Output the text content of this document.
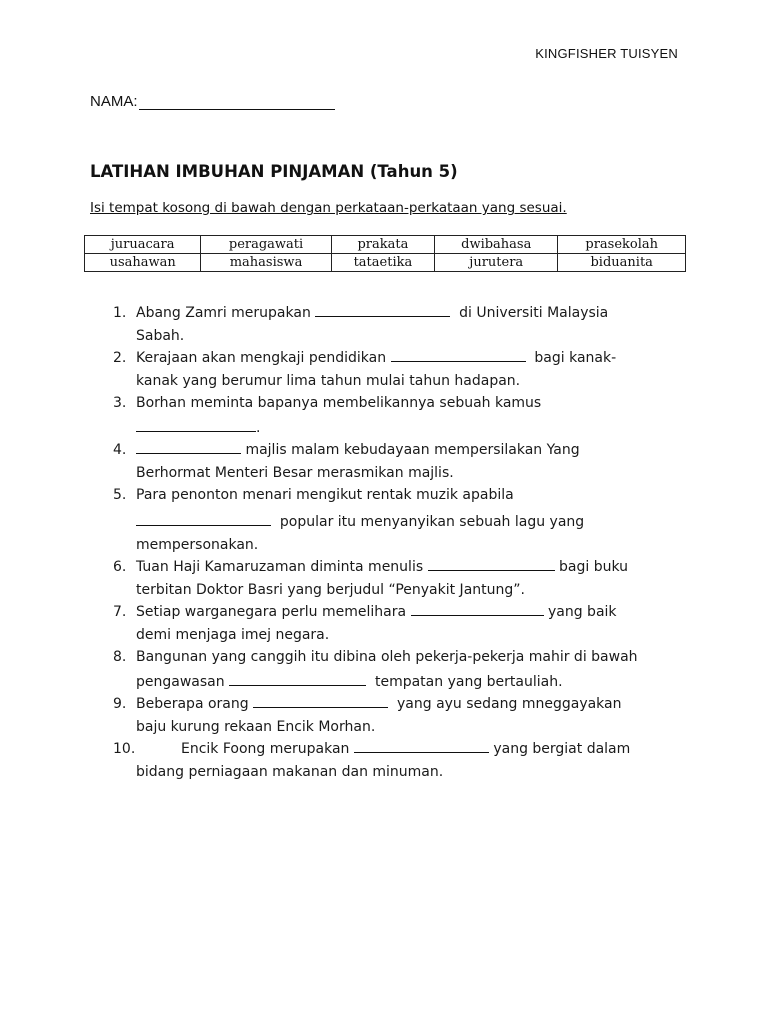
KINGFISHER TUISYEN
NAMA:
LATIHAN IMBUHAN PINJAMAN (Tahun 5)
Isi tempat kosong di bawah dengan perkataan-perkataan yang sesuai.
juruacara	peragawati	prakata	dwibahasa	prasekolah
usahawan	mahasiswa	tataetika	jurutera	biduanita
1. Abang Zamri merupakan	di Universiti Malaysia
Sabah.
2. Kerajaan akan mengkaji pendidikan	bagi kanak-
kanak yang berumur lima tahun mulai tahun hadapan.
3. Borhan meminta bapanya membelikannya sebuah kamus
.
4.	majlis malam kebudayaan mempersilakan Yang
Berhormat Menteri Besar merasmikan majlis.
5. Para penonton menari mengikut rentak muzik apabila
popular itu menyanyikan sebuah lagu yang
mempersonakan.
6. Tuan Haji Kamaruzaman diminta menulis	bagi buku
terbitan Doktor Basri yang berjudul “Penyakit Jantung”.
7. Setiap warganegara perlu memelihara	yang baik
demi menjaga imej negara.
8. Bangunan yang canggih itu dibina oleh pekerja-pekerja mahir di bawah
pengawasan	tempatan yang bertauliah.
9. Beberapa orang	yang ayu sedang mneggayakan
baju kurung rekaan Encik Morhan.
10.	Encik Foong merupakan	yang bergiat dalam
bidang perniagaan makanan dan minuman.
